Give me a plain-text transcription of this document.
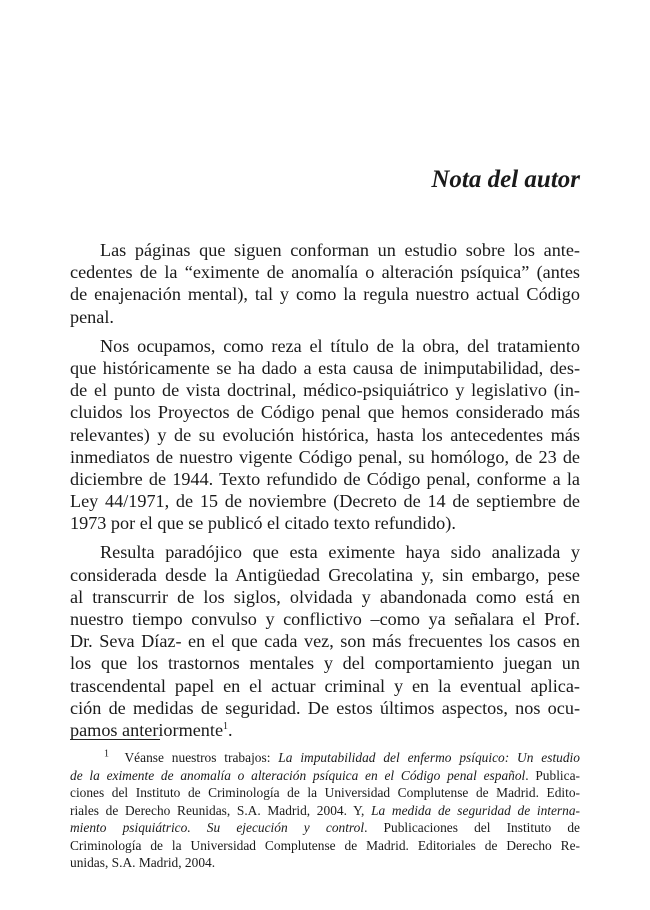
Nota del autor
Las páginas que siguen conforman un estudio sobre los ante-
cedentes de la “eximente de anomalía o alteración psíquica” (antes
de enajenación mental), tal y como la regula nuestro actual Código
penal.
Nos ocupamos, como reza el título de la obra, del tratamiento
que históricamente se ha dado a esta causa de inimputabilidad, des-
de el punto de vista doctrinal, médico-psiquiátrico y legislativo (in-
cluidos los Proyectos de Código penal que hemos considerado más
relevantes) y de su evolución histórica, hasta los antecedentes más
inmediatos de nuestro vigente Código penal, su homólogo, de 23 de
diciembre de 1944. Texto refundido de Código penal, conforme a la
Ley 44/1971, de 15 de noviembre (Decreto de 14 de septiembre de
1973 por el que se publicó el citado texto refundido).
Resulta paradójico que esta eximente haya sido analizada y
considerada desde la Antigüedad Grecolatina y, sin embargo, pese
al transcurrir de los siglos, olvidada y abandonada como está en
nuestro tiempo convulso y conflictivo –como ya señalara el Prof.
Dr. Seva Díaz- en el que cada vez, son más frecuentes los casos en
los que los trastornos mentales y del comportamiento juegan un
trascendental papel en el actuar criminal y en la eventual aplica-
ción de medidas de seguridad. De estos últimos aspectos, nos ocu-
pamos anteriormente$^1$.
$^1$ Véanse nuestros trabajos: La imputabilidad del enfermo psíquico: Un estudio
de la eximente de anomalía o alteración psíquica en el Código penal español. Publica-
ciones del Instituto de Criminología de la Universidad Complutense de Madrid. Edito-
riales de Derecho Reunidas, S.A. Madrid, 2004. Y, La medida de seguridad de interna-
miento psiquiátrico. Su ejecución y control. Publicaciones del Instituto de
Criminología de la Universidad Complutense de Madrid. Editoriales de Derecho Re-
unidas, S.A. Madrid, 2004.
